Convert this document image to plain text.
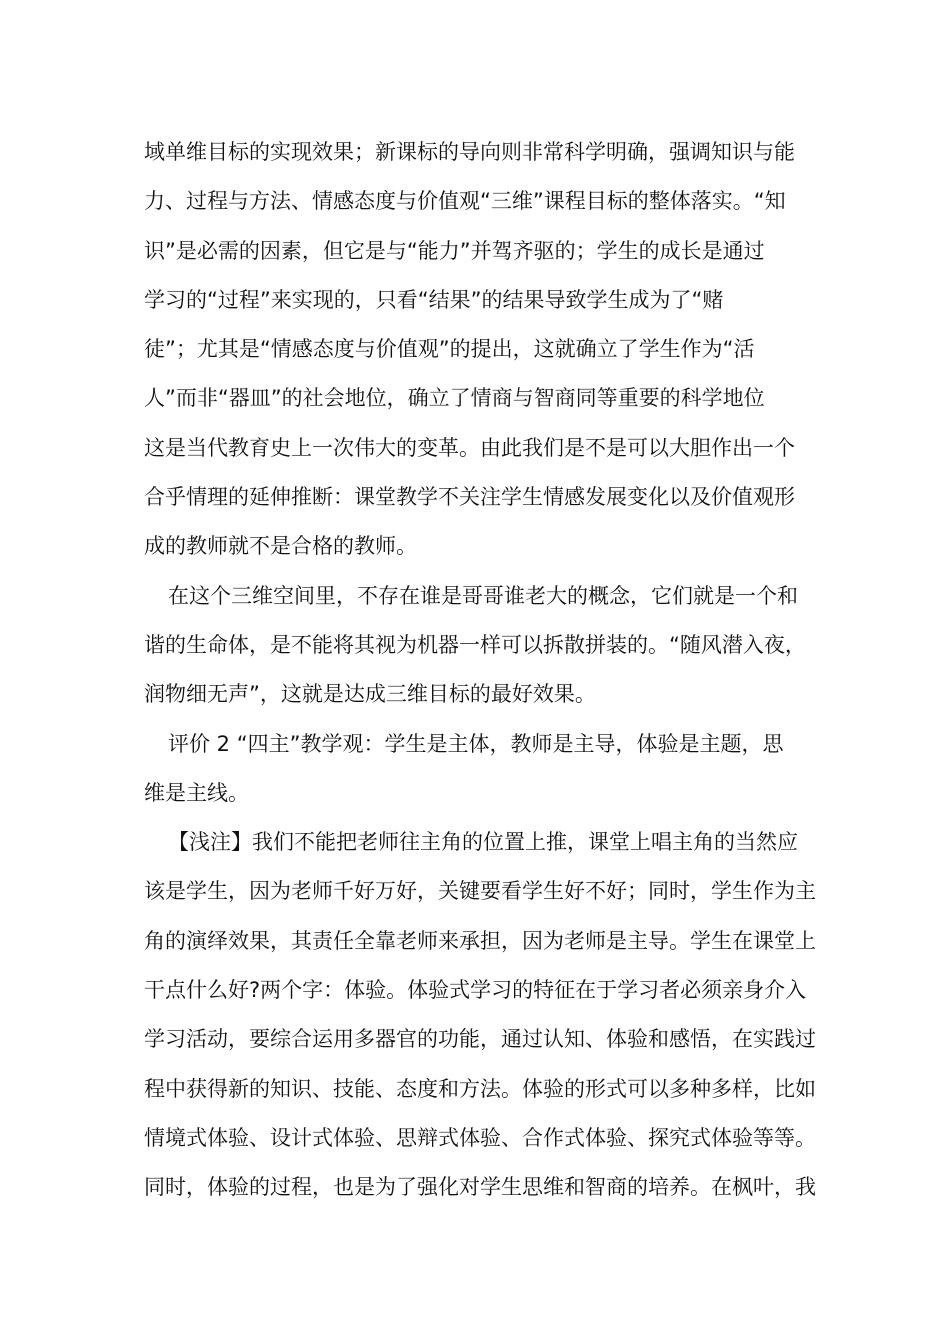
域单维目标的实现效果；新课标的导向则非常科学明确，强调知识与能
力、过程与方法、情感态度与价值观“三维”课程目标的整体落实。“知
识”是必需的因素，但它是与“能力”并驾齐驱的；学生的成长是通过
学习的“过程”来实现的，只看“结果”的结果导致学生成为了“赌
徒”；尤其是“情感态度与价值观”的提出，这就确立了学生作为“活
人”而非“器皿”的社会地位，确立了情商与智商同等重要的科学地位
这是当代教育史上一次伟大的变革。由此我们是不是可以大胆作出一个
合乎情理的延伸推断：课堂教学不关注学生情感发展变化以及价值观形
成的教师就不是合格的教师。
在这个三维空间里，不存在谁是哥哥谁老大的概念，它们就是一个和
谐的生命体，是不能将其视为机器一样可以拆散拼装的。“随风潜入夜，
润物细无声”，这就是达成三维目标的最好效果。
评价 2 “四主”教学观：学生是主体，教师是主导，体验是主题，思
维是主线。
【浅注】我们不能把老师往主角的位置上推，课堂上唱主角的当然应
该是学生，因为老师千好万好，关键要看学生好不好；同时，学生作为主
角的演绎效果，其责任全靠老师来承担，因为老师是主导。学生在课堂上
干点什么好?两个字：体验。体验式学习的特征在于学习者必须亲身介入
学习活动，要综合运用多器官的功能，通过认知、体验和感悟，在实践过
程中获得新的知识、技能、态度和方法。体验的形式可以多种多样，比如
情境式体验、设计式体验、思辩式体验、合作式体验、探究式体验等等。
同时，体验的过程，也是为了强化对学生思维和智商的培养。在枫叶，我
